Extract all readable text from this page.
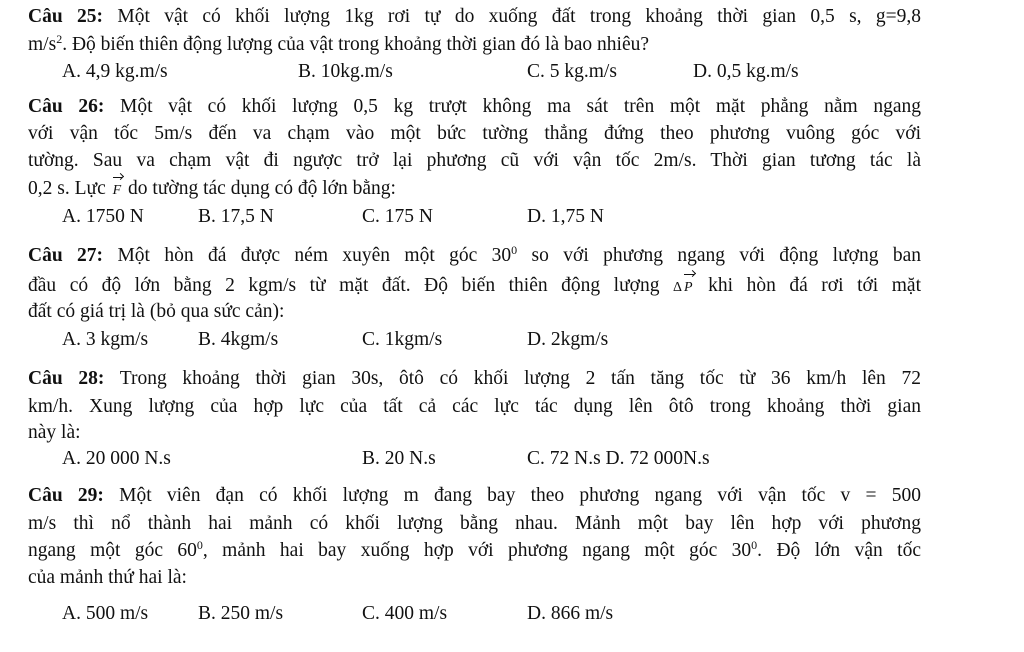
Câu 25: Một vật có khối lượng 1kg rơi tự do xuống đất trong khoảng thời gian 0,5 s, g=9,8
$m/s^2$. Độ biến thiên động lượng của vật trong khoảng thời gian đó là bao nhiêu?
A. 4,9 kg.m/s	B. 10kg.m/s	C. 5 kg.m/s	D. 0,5 kg.m/s
Câu 26: Một vật có khối lượng 0,5 kg trượt không ma sát trên một mặt phẳng nằm ngang
với vận tốc 5m/s đến va chạm vào một bức tường thẳng đứng theo phương vuông góc với
tường. Sau va chạm vật đi ngược trở lại phương cũ với vận tốc 2m/s. Thời gian tương tác là
0,2 s. Lực F do tường tác dụng có độ lớn bằng:
A. 1750 N	B. 17,5 N	C. 175 N	D. 1,75 N
Câu 27: Một hòn đá được ném xuyên một góc $30^0$ so với phương ngang với động lượng ban
đầu có độ lớn bằng 2 kgm/s từ mặt đất. Độ biến thiên động lượng Δ P khi hòn đá rơi tới mặt
đất có giá trị là (bỏ qua sức cản):
A. 3 kgm/s	B. 4kgm/s	C. 1kgm/s	D. 2kgm/s
Câu 28: Trong khoảng thời gian 30s, ôtô có khối lượng 2 tấn tăng tốc từ 36 km/h lên 72
km/h. Xung lượng của hợp lực của tất cả các lực tác dụng lên ôtô trong khoảng thời gian
này là:
A. 20 000 N.s	B. 20 N.s	C. 72 N.s D. 72 000N.s
Câu 29: Một viên đạn có khối lượng m đang bay theo phương ngang với vận tốc v = 500
m/s thì nổ thành hai mảnh có khối lượng bằng nhau. Mảnh một bay lên hợp với phương
ngang một góc $60^0$, mảnh hai bay xuống hợp với phương ngang một góc $30^0$. Độ lớn vận tốc
của mảnh thứ hai là:
A. 500 m/s	B. 250 m/s	C. 400 m/s	D. 866 m/s
